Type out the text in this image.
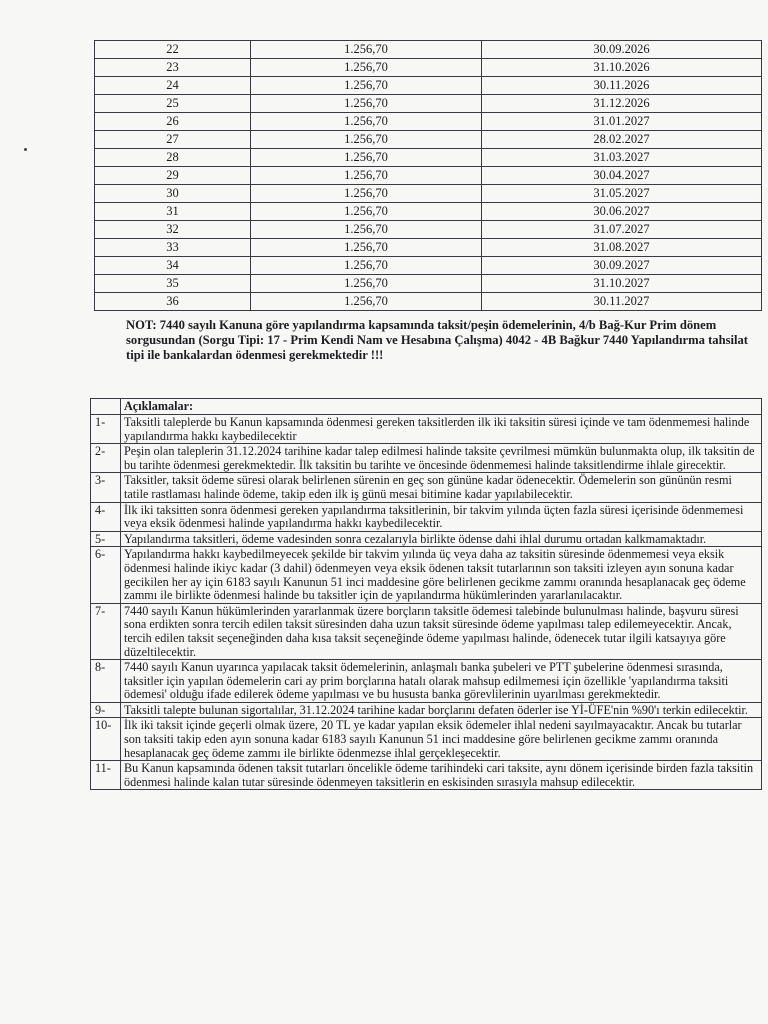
22	1.256,70	30.09.2026
23	1.256,70	31.10.2026
24	1.256,70	30.11.2026
25	1.256,70	31.12.2026
26	1.256,70	31.01.2027
27	1.256,70	28.02.2027
28	1.256,70	31.03.2027
29	1.256,70	30.04.2027
30	1.256,70	31.05.2027
31	1.256,70	30.06.2027
32	1.256,70	31.07.2027
33	1.256,70	31.08.2027
34	1.256,70	30.09.2027
35	1.256,70	31.10.2027
36	1.256,70	30.11.2027
NOT: 7440 sayılı Kanuna göre yapılandırma kapsamında taksit/peşin ödemelerinin, 4/b Bağ-Kur Prim dönem sorgusundan (Sorgu Tipi: 17 - Prim Kendi Nam ve Hesabına Çalışma) 4042 - 4B Bağkur 7440 Yapılandırma tahsilat tipi ile bankalardan ödenmesi gerekmektedir !!!
	Açıklamalar:
1-	Taksitli taleplerde bu Kanun kapsamında ödenmesi gereken taksitlerden ilk iki taksitin süresi içinde ve tam ödenmemesi halinde yapılandırma hakkı kaybedilecektir
2-	Peşin olan taleplerin 31.12.2024 tarihine kadar talep edilmesi halinde taksite çevrilmesi mümkün bulunmakta olup, ilk taksitin de bu tarihte ödenmesi gerekmektedir. İlk taksitin bu tarihte ve öncesinde ödenmemesi halinde taksitlendirme ihlale girecektir.
3-	Taksitler, taksit ödeme süresi olarak belirlenen sürenin en geç son gününe kadar ödenecektir. Ödemelerin son gününün resmi tatile rastlaması halinde ödeme, takip eden ilk iş günü mesai bitimine kadar yapılabilecektir.
4-	İlk iki taksitten sonra ödenmesi gereken yapılandırma taksitlerinin, bir takvim yılında üçten fazla süresi içerisinde ödenmemesi veya eksik ödenmesi halinde yapılandırma hakkı kaybedilecektir.
5-	Yapılandırma taksitleri, ödeme vadesinden sonra cezalarıyla birlikte ödense dahi ihlal durumu ortadan kalkmamaktadır.
6-	Yapılandırma hakkı kaybedilmeyecek şekilde bir takvim yılında üç veya daha az taksitin süresinde ödenmemesi veya eksik ödenmesi halinde ikiyc kadar (3 dahil) ödenmeyen veya eksik ödenen taksit tutarlarının son taksiti izleyen ayın sonuna kadar gecikilen her ay için 6183 sayılı Kanunun 51 inci maddesine göre belirlenen gecikme zammı oranında hesaplanacak geç ödeme zammı ile birlikte ödenmesi halinde bu taksitler için de yapılandırma hükümlerinden yararlanılacaktır.
7-	7440 sayılı Kanun hükümlerinden yararlanmak üzere borçların taksitle ödemesi talebinde bulunulması halinde, başvuru süresi sona erdikten sonra tercih edilen taksit süresinden daha uzun taksit süresinde ödeme yapılması talep edilemeyecektir. Ancak, tercih edilen taksit seçeneğinden daha kısa taksit seçeneğinde ödeme yapılması halinde, ödenecek tutar ilgili katsayıya göre düzeltilecektir.
8-	7440 sayılı Kanun uyarınca yapılacak taksit ödemelerinin, anlaşmalı banka şubeleri ve PTT şubelerine ödenmesi sırasında, taksitler için yapılan ödemelerin cari ay prim borçlarına hatalı olarak mahsup edilmemesi için özellikle 'yapılandırma taksiti ödemesi' olduğu ifade edilerek ödeme yapılması ve bu hususta banka görevlilerinin uyarılması gerekmektedir.
9-	Taksitli talepte bulunan sigortalılar, 31.12.2024 tarihine kadar borçlarını defaten öderler ise Yİ-ÜFE'nin %90'ı terkin edilecektir.
10-	İlk iki taksit içinde geçerli olmak üzere, 20 TL ye kadar yapılan eksik ödemeler ihlal nedeni sayılmayacaktır. Ancak bu tutarlar son taksiti takip eden ayın sonuna kadar 6183 sayılı Kanunun 51 inci maddesine göre belirlenen gecikme zammı oranında hesaplanacak geç ödeme zammı ile birlikte ödenmezse ihlal gerçekleşecektir.
11-	Bu Kanun kapsamında ödenen taksit tutarları öncelikle ödeme tarihindeki cari taksite, aynı dönem içerisinde birden fazla taksitin ödenmesi halinde kalan tutar süresinde ödenmeyen taksitlerin en eskisinden sırasıyla mahsup edilecektir.
